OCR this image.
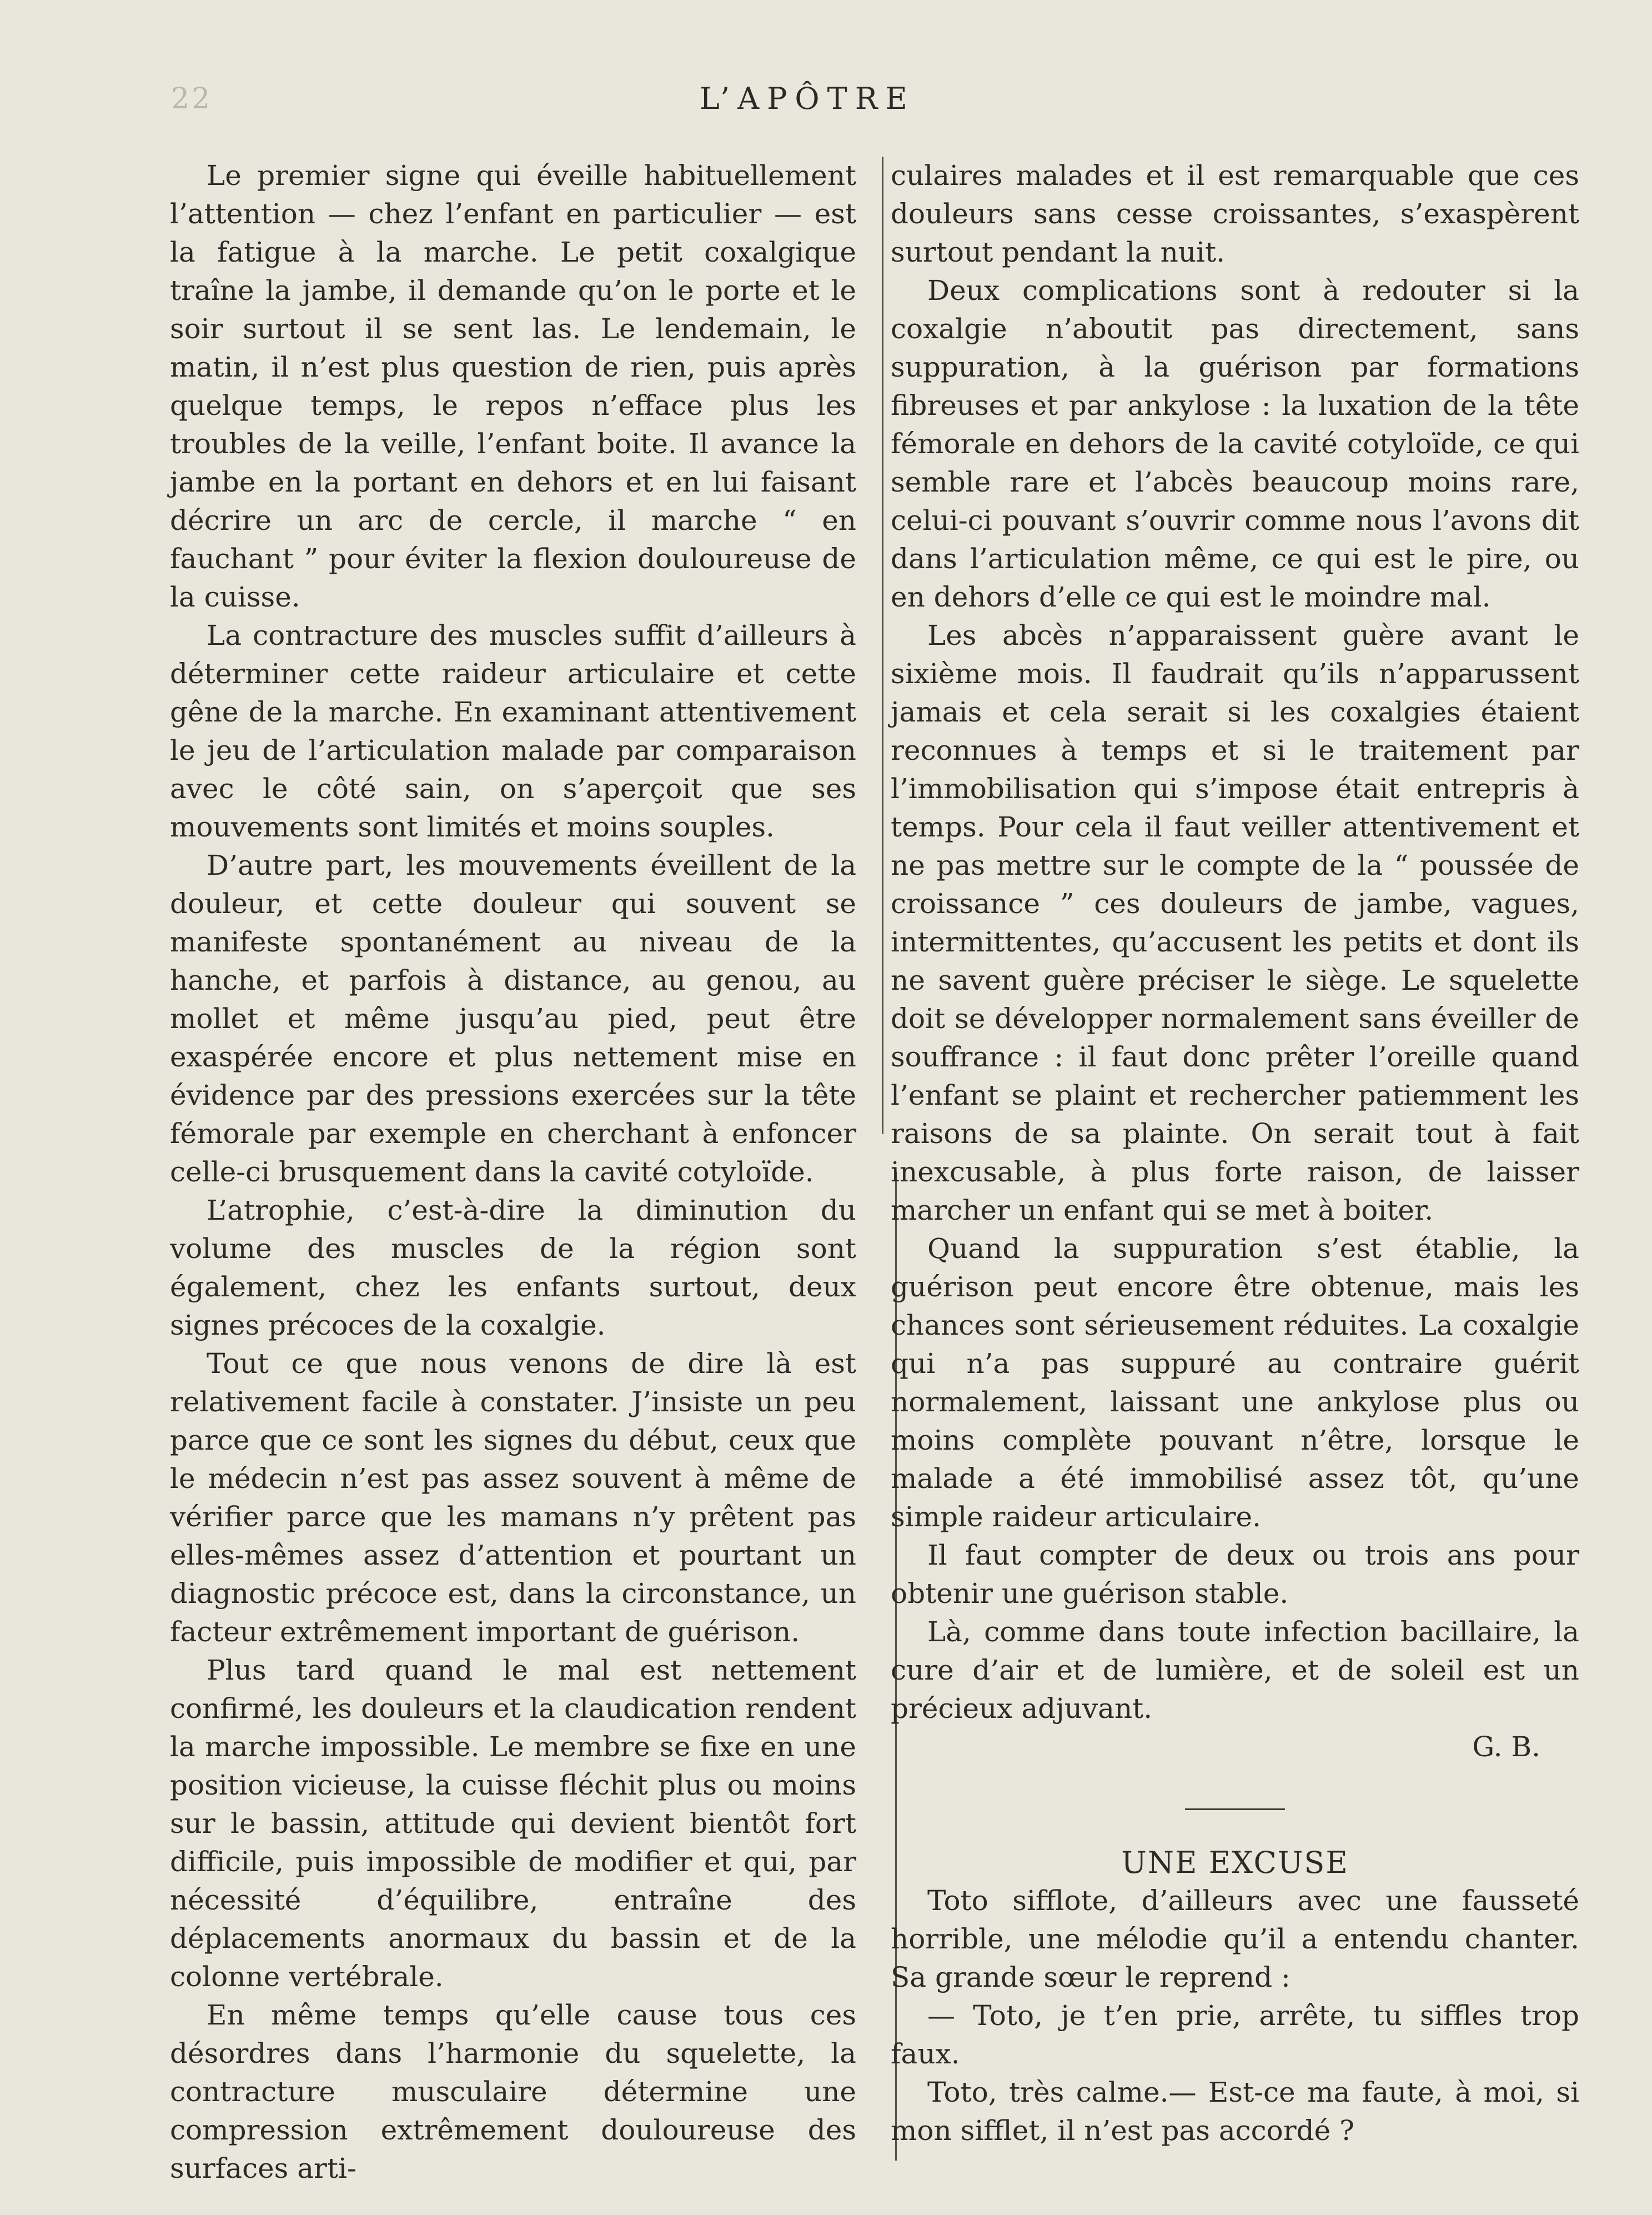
22	L’APÔTRE

Le premier signe qui éveille habituellement l’attention — chez l’enfant en particulier — est la fatigue à la marche. Le petit coxalgique traîne la jambe, il demande qu’on le porte et le soir surtout il se sent las. Le lendemain, le matin, il n’est plus question de rien, puis après quelque temps, le repos n’efface plus les troubles de la veille, l’enfant boite. Il avance la jambe en la portant en dehors et en lui faisant décrire un arc de cercle, il marche “ en fauchant ” pour éviter la flexion douloureuse de la cuisse.

La contracture des muscles suffit d’ailleurs à déterminer cette raideur articulaire et cette gêne de la marche. En examinant attentivement le jeu de l’articulation malade par comparaison avec le côté sain, on s’aperçoit que ses mouvements sont limités et moins souples.

D’autre part, les mouvements éveillent de la douleur, et cette douleur qui souvent se manifeste spontanément au niveau de la hanche, et parfois à distance, au genou, au mollet et même jusqu’au pied, peut être exaspérée encore et plus nettement mise en évidence par des pressions exercées sur la tête fémorale par exemple en cherchant à enfoncer celle-ci brusquement dans la cavité cotyloïde.

L’atrophie, c’est-à-dire la diminution du volume des muscles de la région sont également, chez les enfants surtout, deux signes précoces de la coxalgie.

Tout ce que nous venons de dire là est relativement facile à constater. J’insiste un peu parce que ce sont les signes du début, ceux que le médecin n’est pas assez souvent à même de vérifier parce que les mamans n’y prêtent pas elles-mêmes assez d’attention et pourtant un diagnostic précoce est, dans la circonstance, un facteur extrêmement important de guérison.

Plus tard quand le mal est nettement confirmé, les douleurs et la claudication rendent la marche impossible. Le membre se fixe en une position vicieuse, la cuisse fléchit plus ou moins sur le bassin, attitude qui devient bientôt fort difficile, puis impossible de modifier et qui, par nécessité d’équilibre, entraîne des déplacements anormaux du bassin et de la colonne vertébrale.

En même temps qu’elle cause tous ces désordres dans l’harmonie du squelette, la contracture musculaire détermine une compression extrêmement douloureuse des surfaces arti-

culaires malades et il est remarquable que ces douleurs sans cesse croissantes, s’exaspèrent surtout pendant la nuit.

Deux complications sont à redouter si la coxalgie n’aboutit pas directement, sans suppuration, à la guérison par formations fibreuses et par ankylose : la luxation de la tête fémorale en dehors de la cavité cotyloïde, ce qui semble rare et l’abcès beaucoup moins rare, celui-ci pouvant s’ouvrir comme nous l’avons dit dans l’articulation même, ce qui est le pire, ou en dehors d’elle ce qui est le moindre mal.

Les abcès n’apparaissent guère avant le sixième mois. Il faudrait qu’ils n’apparussent jamais et cela serait si les coxalgies étaient reconnues à temps et si le traitement par l’immobilisation qui s’impose était entrepris à temps. Pour cela il faut veiller attentivement et ne pas mettre sur le compte de la “ poussée de croissance ” ces douleurs de jambe, vagues, intermittentes, qu’accusent les petits et dont ils ne savent guère préciser le siège. Le squelette doit se développer normalement sans éveiller de souffrance : il faut donc prêter l’oreille quand l’enfant se plaint et rechercher patiemment les raisons de sa plainte. On serait tout à fait inexcusable, à plus forte raison, de laisser marcher un enfant qui se met à boiter.

Quand la suppuration s’est établie, la guérison peut encore être obtenue, mais les chances sont sérieusement réduites. La coxalgie qui n’a pas suppuré au contraire guérit normalement, laissant une ankylose plus ou moins complète pouvant n’être, lorsque le malade a été immobilisé assez tôt, qu’une simple raideur articulaire.

Il faut compter de deux ou trois ans pour obtenir une guérison stable.

Là, comme dans toute infection bacillaire, la cure d’air et de lumière, et de soleil est un précieux adjuvant.

G. B.

UNE EXCUSE

Toto sifflote, d’ailleurs avec une fausseté horrible, une mélodie qu’il a entendu chanter. Sa grande sœur le reprend :

— Toto, je t’en prie, arrête, tu siffles trop faux.

Toto, très calme.— Est-ce ma faute, à moi, si mon sifflet, il n’est pas accordé ?
